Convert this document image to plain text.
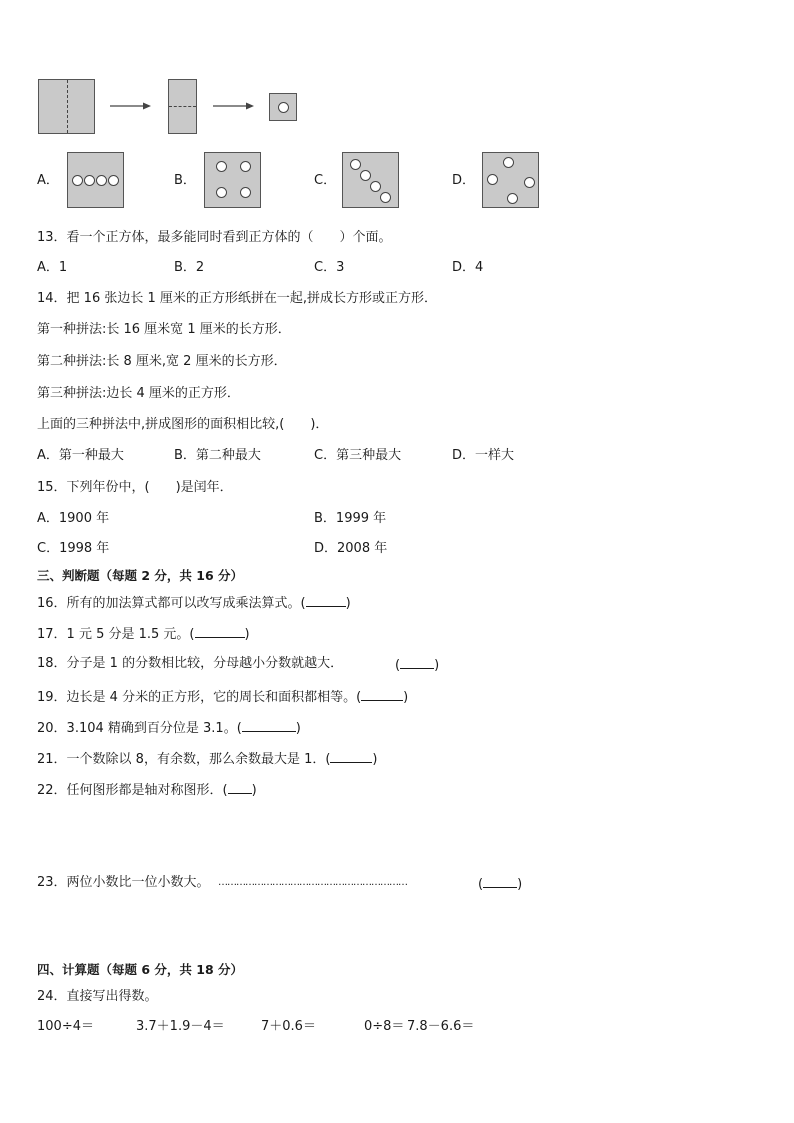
A．	B．	C．	D．
13．看一个正方体，最多能同时看到正方体的（　　）个面。
A．1	B．2	C．3	D．4
14．把 16 张边长 1 厘米的正方形纸拼在一起,拼成长方形或正方形．
第一种拼法:长 16 厘米宽 1 厘米的长方形．
第二种拼法:长 8 厘米,宽 2 厘米的长方形．
第三种拼法:边长 4 厘米的正方形．
上面的三种拼法中,拼成图形的面积相比较,(　　)．
A．第一种最大	B．第二种最大	C．第三种最大	D．一样大
15．下列年份中，(　　)是闰年．
A．1900 年	B．1999 年
C．1998 年	D．2008 年
三、判断题（每题 2 分，共 16 分）
16．所有的加法算式都可以改写成乘法算式。(	)
17．1 元 5 分是 1.5 元。(	)
18．分子是 1 的分数相比较，分母越小分数就越大．	(	)
19．边长是 4 分米的正方形，它的周长和面积都相等。(	)
20．3.104 精确到百分位是 3.1。(	)
21．一个数除以 8，有余数，那么余数最大是 1．(	)
22．任何图形都是轴对称图形．( )
23．两位小数比一位小数大。 ………………………………………………………	(	)
四、计算题（每题 6 分，共 18 分）
24．直接写出得数。
100÷4＝	3.7＋1.9－4＝	7＋0.6＝	0÷8＝ 7.8－6.6＝
